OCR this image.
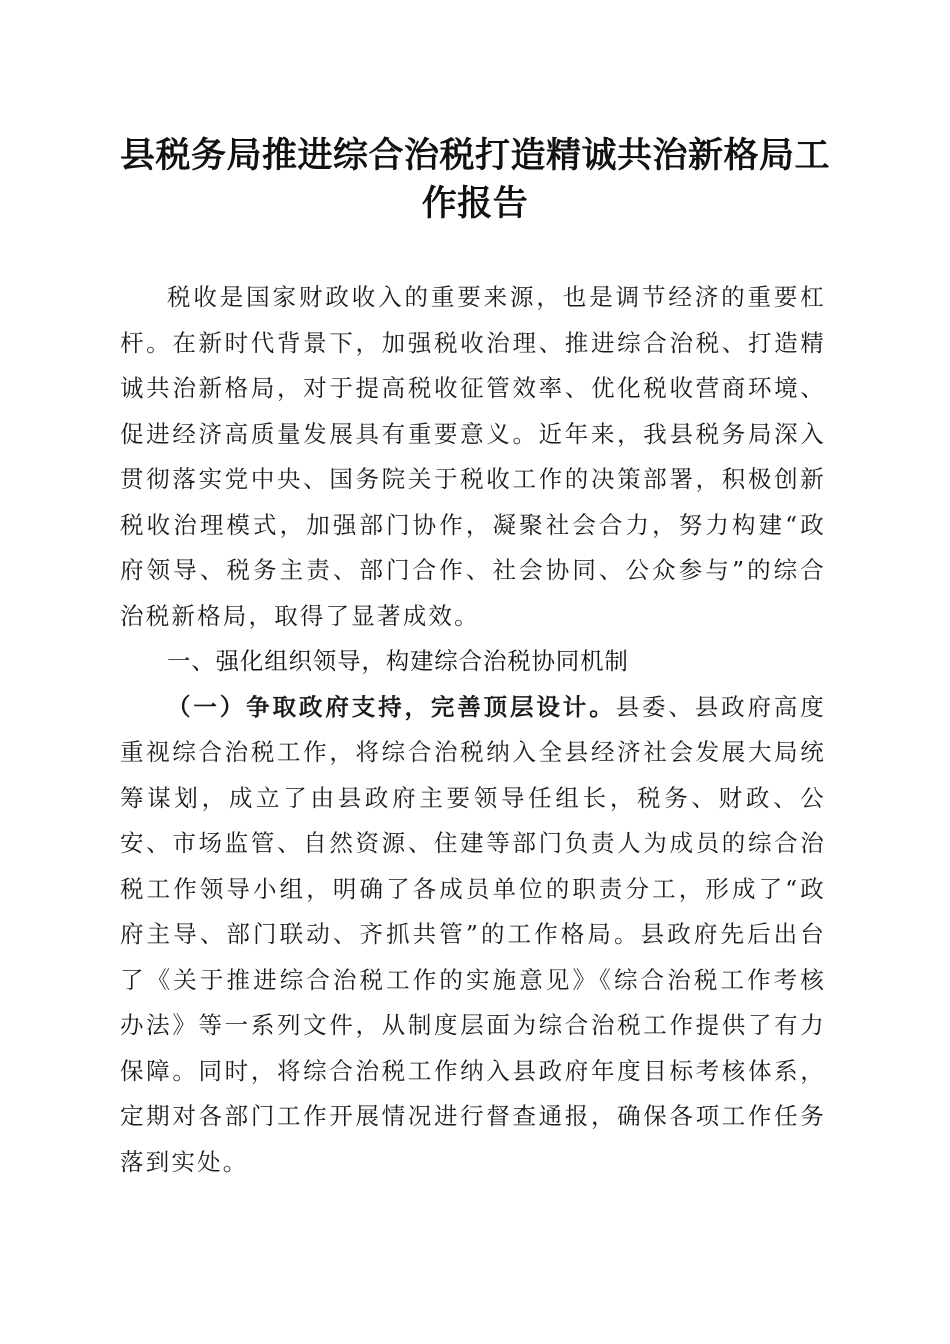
县税务局推进综合治税打造精诚共治新格局工作报告

税收是国家财政收入的重要来源，也是调节经济的重要杠杆。在新时代背景下，加强税收治理、推进综合治税、打造精诚共治新格局，对于提高税收征管效率、优化税收营商环境、促进经济高质量发展具有重要意义。近年来，我县税务局深入贯彻落实党中央、国务院关于税收工作的决策部署，积极创新税收治理模式，加强部门协作，凝聚社会合力，努力构建“政府领导、税务主责、部门合作、社会协同、公众参与”的综合治税新格局，取得了显著成效。

一、强化组织领导，构建综合治税协同机制

（一）争取政府支持，完善顶层设计。县委、县政府高度重视综合治税工作，将综合治税纳入全县经济社会发展大局统筹谋划，成立了由县政府主要领导任组长，税务、财政、公安、市场监管、自然资源、住建等部门负责人为成员的综合治税工作领导小组，明确了各成员单位的职责分工，形成了“政府主导、部门联动、齐抓共管”的工作格局。县政府先后出台了《关于推进综合治税工作的实施意见》《综合治税工作考核办法》等一系列文件，从制度层面为综合治税工作提供了有力保障。同时，将综合治税工作纳入县政府年度目标考核体系，定期对各部门工作开展情况进行督查通报，确保各项工作任务落到实处。
